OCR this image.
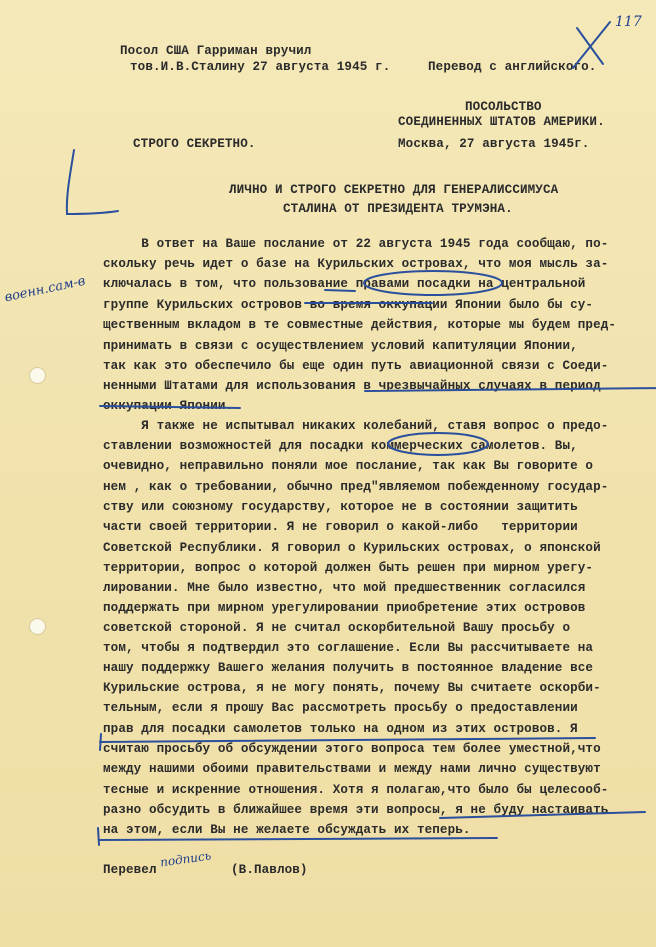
117
Посол США Гарриман вручил
тов.И.В.Сталину 27 августа 1945 г.	Перевод с английского.
ПОСОЛЬСТВО
СОЕДИНЕННЫХ ШТАТОВ АМЕРИКИ.
СТРОГО СЕКРЕТНО.	Москва, 27 августа 1945г.
ЛИЧНО И СТРОГО СЕКРЕТНО ДЛЯ ГЕНЕРАЛИССИМУСА
СТАЛИНА ОТ ПРЕЗИДЕНТА ТРУМЭНА.
В ответ на Ваше послание от 22 августа 1945 года сообщаю, по-
скольку речь идет о базе на Курильских островах, что моя мысль за-
ключалась в том, что пользование правами посадки на центральной
группе Курильских островов во время оккупации Японии было бы су-
щественным вкладом в те совместные действия, которые мы будем пред-
принимать в связи с осуществлением условий капитуляции Японии,
так как это обеспечило бы еще один путь авиационной связи с Соеди-
ненными Штатами для использования в чрезвычайных случаях в период
оккупации Японии.
Я также не испытывал никаких колебаний, ставя вопрос о предо-
ставлении возможностей для посадки коммерческих самолетов. Вы,
очевидно, неправильно поняли мое послание, так как Вы говорите о
нем , как о требовании, обычно пред"являемом побежденному государ-
ству или союзному государству, которое не в состоянии защитить
части своей территории. Я не говорил о какой-либо   территории
Советской Республики. Я говорил о Курильских островах, о японской
территории, вопрос о которой должен быть решен при мирном урегу-
лировании. Мне было известно, что мой предшественник согласился
поддержать при мирном урегулировании приобретение этих островов
советской стороной. Я не считал оскорбительной Вашу просьбу о
том, чтобы я подтвердил это соглашение. Если Вы рассчитываете на
нашу поддержку Вашего желания получить в постоянное владение все
Курильские острова, я не могу понять, почему Вы считаете оскорби-
тельным, если я прошу Вас рассмотреть просьбу о предоставлении
прав для посадки самолетов только на одном из этих островов. Я
считаю просьбу об обсуждении этого вопроса тем более уместной,что
между нашими обоими правительствами и между нами лично существуют
тесные и искренние отношения. Хотя я полагаю,что было бы целесооб-
разно обсудить в ближайшее время эти вопросы, я не буду настаивать
на этом, если Вы не желаете обсуждать их теперь.
Перевел
подпись
(В.Павлов)
военн.сам-в
